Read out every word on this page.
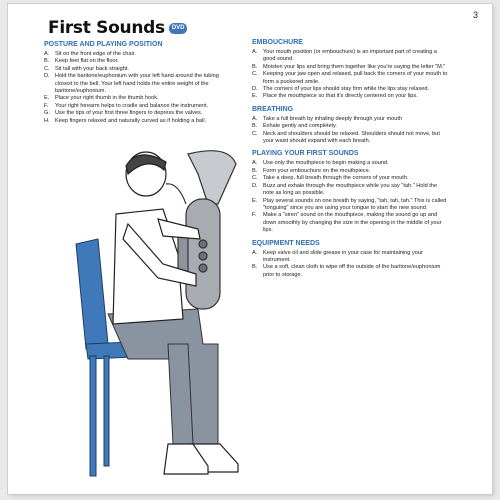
3
First Sounds	DVD
POSTURE AND PLAYING POSITION
A.	Sit on the front edge of the chair.
B.	Keep feet flat on the floor.
C. Sit tall with your back straight.
D. Hold the baritone/euphonium with your left hand around the tubing closest to the bell. Your left hand holds the entire weight of the baritone/euphonium.
E.	Place your right thumb in the thumb hook.
F.	Your right forearm helps to cradle and balance the instrument.
G. Use the tips of your first three fingers to depress the valves.
H. Keep fingers relaxed and naturally curved as if holding a ball.
EMBOUCHURE
A.	Your mouth position (or embouchure) is an important part of creating a good sound.
B.	Moisten your lips and bring them together like you're saying the letter "M."
C. Keeping your jaw open and relaxed, pull back the corners of your mouth to form a puckered smile.
D. The corners of your lips should stay firm while the lips stay relaxed.
E.	Place the mouthpiece so that it's directly centered on your lips.
BREATHING
A.	Take a full breath by inhaling deeply through your mouth
B.	Exhale gently and completely.
C. Neck and shoulders should be relaxed. Shoulders should not move, but your waist should expand with each breath.
PLAYING YOUR FIRST SOUNDS
A.	Use only the mouthpiece to begin making a sound.
B.	Form your embouchure on the mouthpiece.
C. Take a deep, full breath through the corners of your mouth.
D. Buzz and exhale through the mouthpiece while you say "tah." Hold the note as long as possible.
E.	Play several sounds on one breath by saying, "tah, tah, tah." This is called "tonguing" since you are using your tongue to start the new sound.
F.	Make a "siren" sound on the mouthpiece, making the sound go up and down smoothly by changing the size in the opening in the middle of your lips.
EQUIPMENT NEEDS
A.	Keep valve oil and slide grease in your case for maintaining your instrument.
B.	Use a soft, clean cloth to wipe off the outside of the baritone/euphonium prior to storage.
